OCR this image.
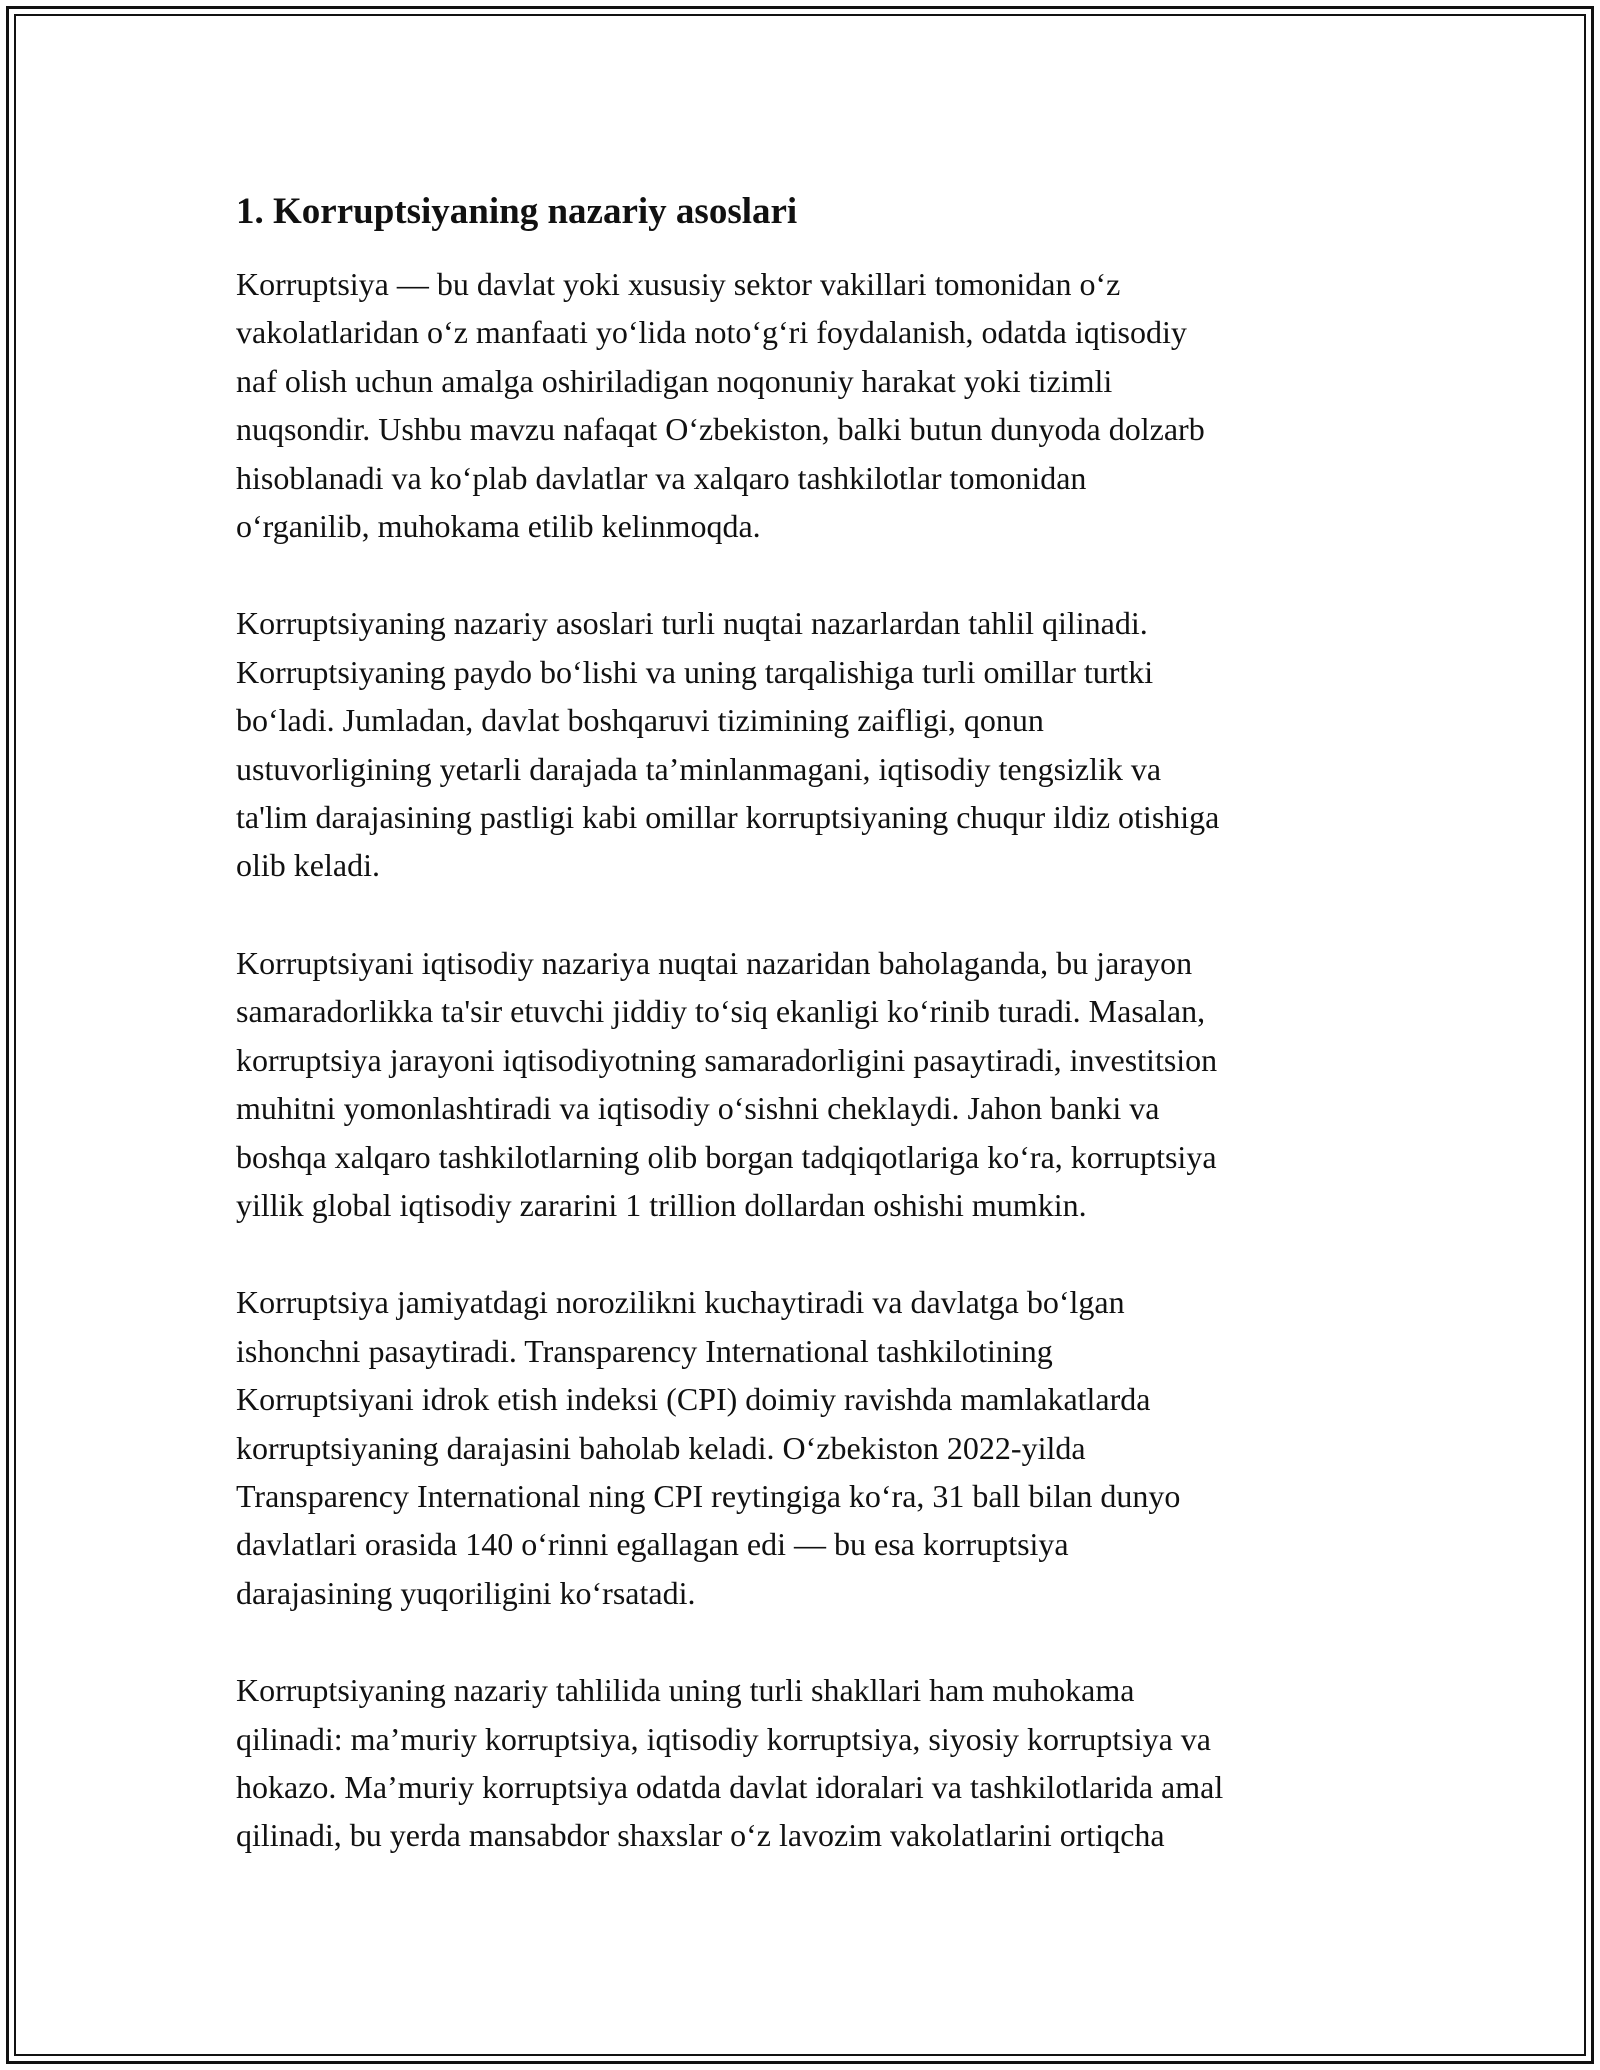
1. Korruptsiyaning nazariy asoslari

Korruptsiya — bu davlat yoki xususiy sektor vakillari tomonidan o‘z
vakolatlaridan o‘z manfaati yo‘lida noto‘g‘ri foydalanish, odatda iqtisodiy
naf olish uchun amalga oshiriladigan noqonuniy harakat yoki tizimli
nuqsondir. Ushbu mavzu nafaqat O‘zbekiston, balki butun dunyoda dolzarb
hisoblanadi va ko‘plab davlatlar va xalqaro tashkilotlar tomonidan
o‘rganilib, muhokama etilib kelinmoqda.

Korruptsiyaning nazariy asoslari turli nuqtai nazarlardan tahlil qilinadi.
Korruptsiyaning paydo bo‘lishi va uning tarqalishiga turli omillar turtki
bo‘ladi. Jumladan, davlat boshqaruvi tizimining zaifligi, qonun
ustuvorligining yetarli darajada ta’minlanmagani, iqtisodiy tengsizlik va
ta'lim darajasining pastligi kabi omillar korruptsiyaning chuqur ildiz otishiga
olib keladi.

Korruptsiyani iqtisodiy nazariya nuqtai nazaridan baholaganda, bu jarayon
samaradorlikka ta'sir etuvchi jiddiy to‘siq ekanligi ko‘rinib turadi. Masalan,
korruptsiya jarayoni iqtisodiyotning samaradorligini pasaytiradi, investitsion
muhitni yomonlashtiradi va iqtisodiy o‘sishni cheklaydi. Jahon banki va
boshqa xalqaro tashkilotlarning olib borgan tadqiqotlariga ko‘ra, korruptsiya
yillik global iqtisodiy zararini 1 trillion dollardan oshishi mumkin.

Korruptsiya jamiyatdagi norozilikni kuchaytiradi va davlatga bo‘lgan
ishonchni pasaytiradi. Transparency International tashkilotining
Korruptsiyani idrok etish indeksi (CPI) doimiy ravishda mamlakatlarda
korruptsiyaning darajasini baholab keladi. O‘zbekiston 2022-yilda
Transparency International ning CPI reytingiga ko‘ra, 31 ball bilan dunyo
davlatlari orasida 140 o‘rinni egallagan edi — bu esa korruptsiya
darajasining yuqoriligini ko‘rsatadi.

Korruptsiyaning nazariy tahlilida uning turli shakllari ham muhokama
qilinadi: ma’muriy korruptsiya, iqtisodiy korruptsiya, siyosiy korruptsiya va
hokazo. Ma’muriy korruptsiya odatda davlat idoralari va tashkilotlarida amal
qilinadi, bu yerda mansabdor shaxslar o‘z lavozim vakolatlarini ortiqcha
